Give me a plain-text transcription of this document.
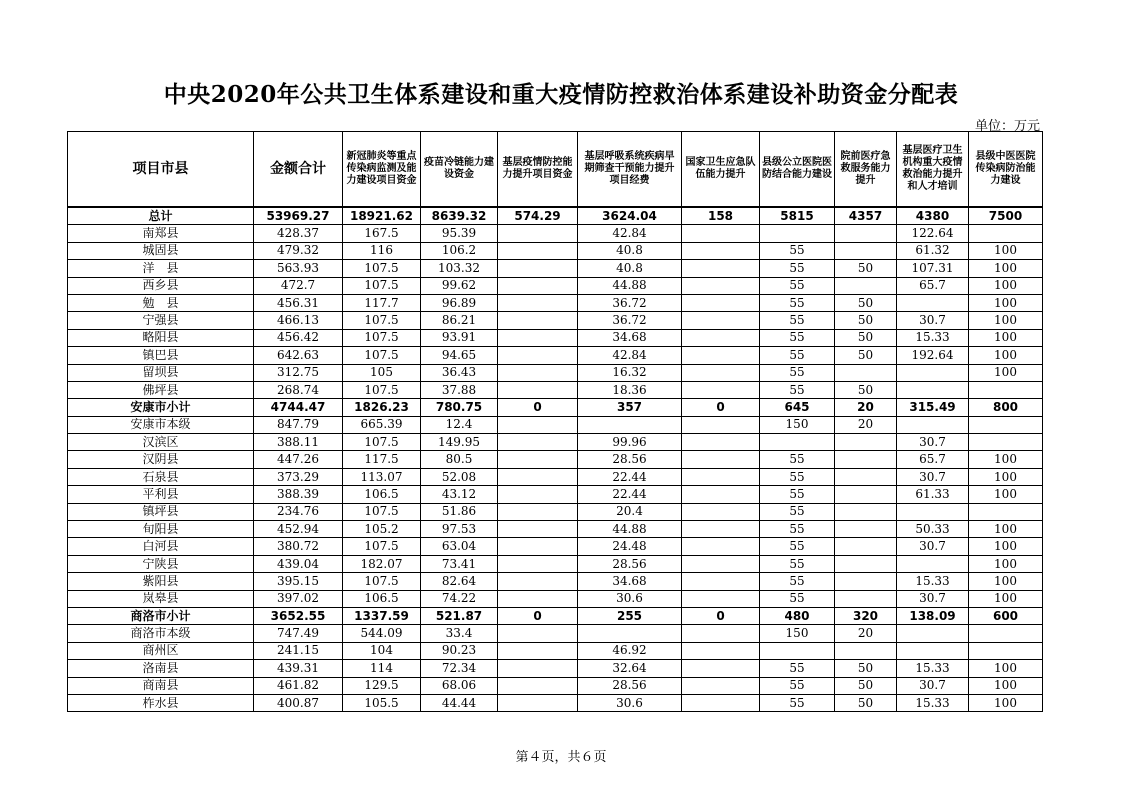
中央2020年公共卫生体系建设和重大疫情防控救治体系建设补助资金分配表
单位：万元
项目市县	金额合计	新冠肺炎等重点传染病监测及能力建设项目资金	疫苗冷链能力建设资金	基层疫情防控能力提升项目资金	基层呼吸系统疾病早期筛查干预能力提升项目经费	国家卫生应急队伍能力提升	县级公立医院医防结合能力建设	院前医疗急救服务能力提升	基层医疗卫生机构重大疫情救治能力提升和人才培训	县级中医医院传染病防治能力建设
总计	53969.27	18921.62	8639.32	574.29	3624.04	158	5815	4357	4380	7500
南郑县	428.37	167.5	95.39		42.84				122.64	
城固县	479.32	116	106.2		40.8		55		61.32	100
洋　县	563.93	107.5	103.32		40.8		55	50	107.31	100
西乡县	472.7	107.5	99.62		44.88		55		65.7	100
勉　县	456.31	117.7	96.89		36.72		55	50		100
宁强县	466.13	107.5	86.21		36.72		55	50	30.7	100
略阳县	456.42	107.5	93.91		34.68		55	50	15.33	100
镇巴县	642.63	107.5	94.65		42.84		55	50	192.64	100
留坝县	312.75	105	36.43		16.32		55			100
佛坪县	268.74	107.5	37.88		18.36		55	50		
安康市小计	4744.47	1826.23	780.75	0	357	0	645	20	315.49	800
安康市本级	847.79	665.39	12.4				150	20		
汉滨区	388.11	107.5	149.95		99.96				30.7	
汉阴县	447.26	117.5	80.5		28.56		55		65.7	100
石泉县	373.29	113.07	52.08		22.44		55		30.7	100
平利县	388.39	106.5	43.12		22.44		55		61.33	100
镇坪县	234.76	107.5	51.86		20.4		55			
旬阳县	452.94	105.2	97.53		44.88		55		50.33	100
白河县	380.72	107.5	63.04		24.48		55		30.7	100
宁陕县	439.04	182.07	73.41		28.56		55			100
紫阳县	395.15	107.5	82.64		34.68		55		15.33	100
岚皋县	397.02	106.5	74.22		30.6		55		30.7	100
商洛市小计	3652.55	1337.59	521.87	0	255	0	480	320	138.09	600
商洛市本级	747.49	544.09	33.4				150	20		
商州区	241.15	104	90.23		46.92					
洛南县	439.31	114	72.34		32.64		55	50	15.33	100
商南县	461.82	129.5	68.06		28.56		55	50	30.7	100
柞水县	400.87	105.5	44.44		30.6		55	50	15.33	100
第４页，共６页
